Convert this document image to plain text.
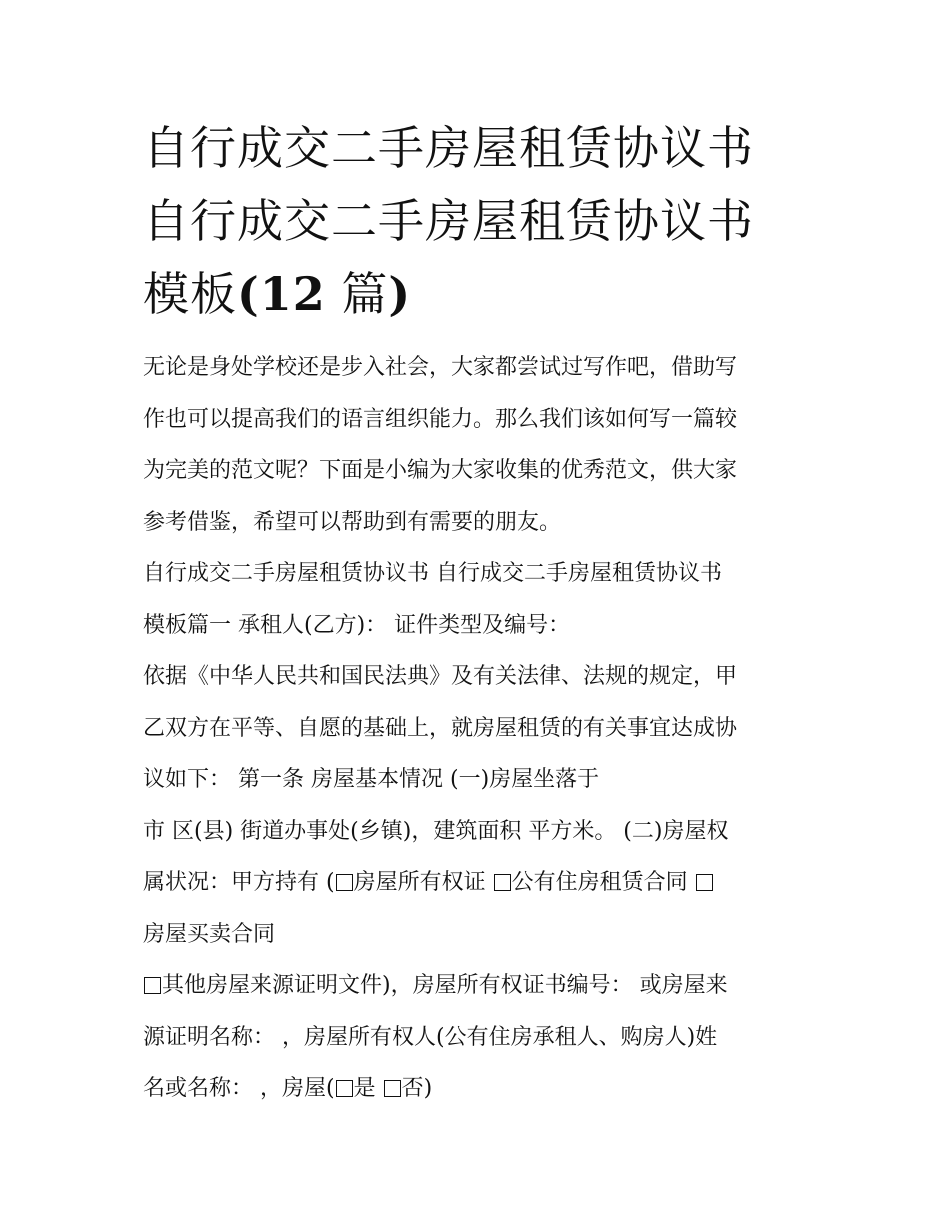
自行成交二手房屋租赁协议书
自行成交二手房屋租赁协议书
模板(12 篇)
无论是身处学校还是步入社会，大家都尝试过写作吧，借助写
作也可以提高我们的语言组织能力。那么我们该如何写一篇较
为完美的范文呢？下面是小编为大家收集的优秀范文，供大家
参考借鉴，希望可以帮助到有需要的朋友。
自行成交二手房屋租赁协议书 自行成交二手房屋租赁协议书
模板篇一 承租人(乙方)： 证件类型及编号：
依据《中华人民共和国民法典》及有关法律、法规的规定，甲
乙双方在平等、自愿的基础上，就房屋租赁的有关事宜达成协
议如下： 第一条 房屋基本情况 (一)房屋坐落于
市 区(县) 街道办事处(乡镇)，建筑面积 平方米。 (二)房屋权
属状况：甲方持有 ( 房屋所有权证 公有住房租赁合同
房屋买卖合同
其他房屋来源证明文件)，房屋所有权证书编号： 或房屋来
源证明名称： ，房屋所有权人(公有住房承租人、购房人)姓
名或名称： ，房屋( 是 否)
